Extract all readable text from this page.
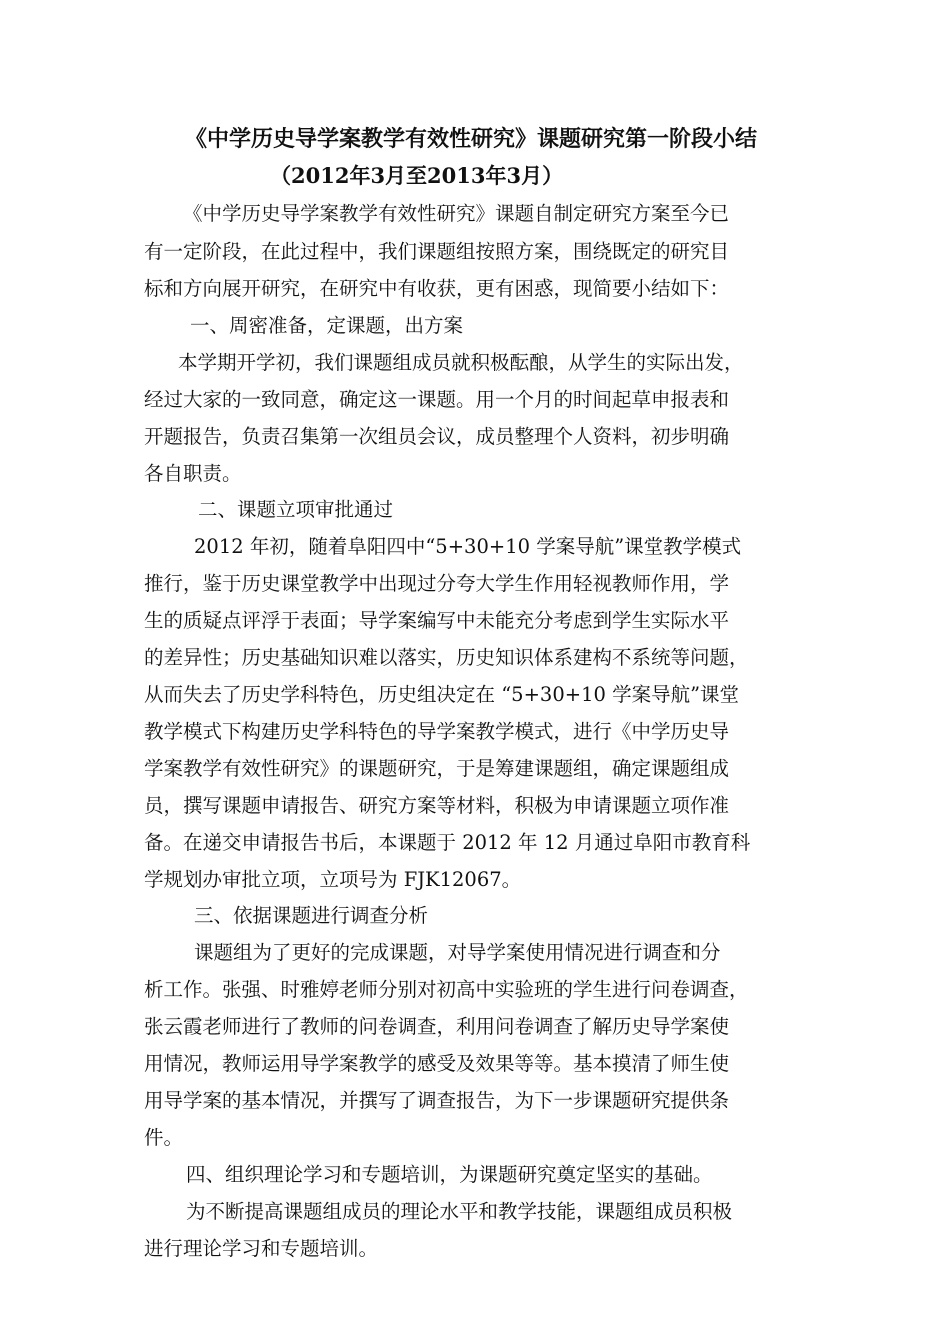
《中学历史导学案教学有效性研究》课题研究第一阶段小结
（2012年3月至2013年3月）
《中学历史导学案教学有效性研究》课题自制定研究方案至今已
有一定阶段，在此过程中，我们课题组按照方案，围绕既定的研究目
标和方向展开研究，在研究中有收获，更有困惑，现简要小结如下：
一、周密准备，定课题，出方案
本学期开学初，我们课题组成员就积极酝酿，从学生的实际出发，
经过大家的一致同意，确定这一课题。用一个月的时间起草申报表和
开题报告，负责召集第一次组员会议，成员整理个人资料，初步明确
各自职责。
二、课题立项审批通过
2012 年初，随着阜阳四中“5+30+10 学案导航”课堂教学模式
推行，鉴于历史课堂教学中出现过分夸大学生作用轻视教师作用，学
生的质疑点评浮于表面；导学案编写中未能充分考虑到学生实际水平
的差异性；历史基础知识难以落实，历史知识体系建构不系统等问题，
从而失去了历史学科特色，历史组决定在 “5+30+10 学案导航”课堂
教学模式下构建历史学科特色的导学案教学模式，进行《中学历史导
学案教学有效性研究》的课题研究，于是筹建课题组，确定课题组成
员，撰写课题申请报告、研究方案等材料，积极为申请课题立项作准
备。在递交申请报告书后，本课题于 2012 年 12 月通过阜阳市教育科
学规划办审批立项，立项号为 FJK12067。
三、依据课题进行调查分析
课题组为了更好的完成课题，对导学案使用情况进行调查和分
析工作。张强、时雅婷老师分别对初高中实验班的学生进行问卷调查，
张云霞老师进行了教师的问卷调查，利用问卷调查了解历史导学案使
用情况，教师运用导学案教学的感受及效果等等。基本摸清了师生使
用导学案的基本情况，并撰写了调查报告，为下一步课题研究提供条
件。
四、组织理论学习和专题培训，为课题研究奠定坚实的基础。
为不断提高课题组成员的理论水平和教学技能，课题组成员积极
进行理论学习和专题培训。
